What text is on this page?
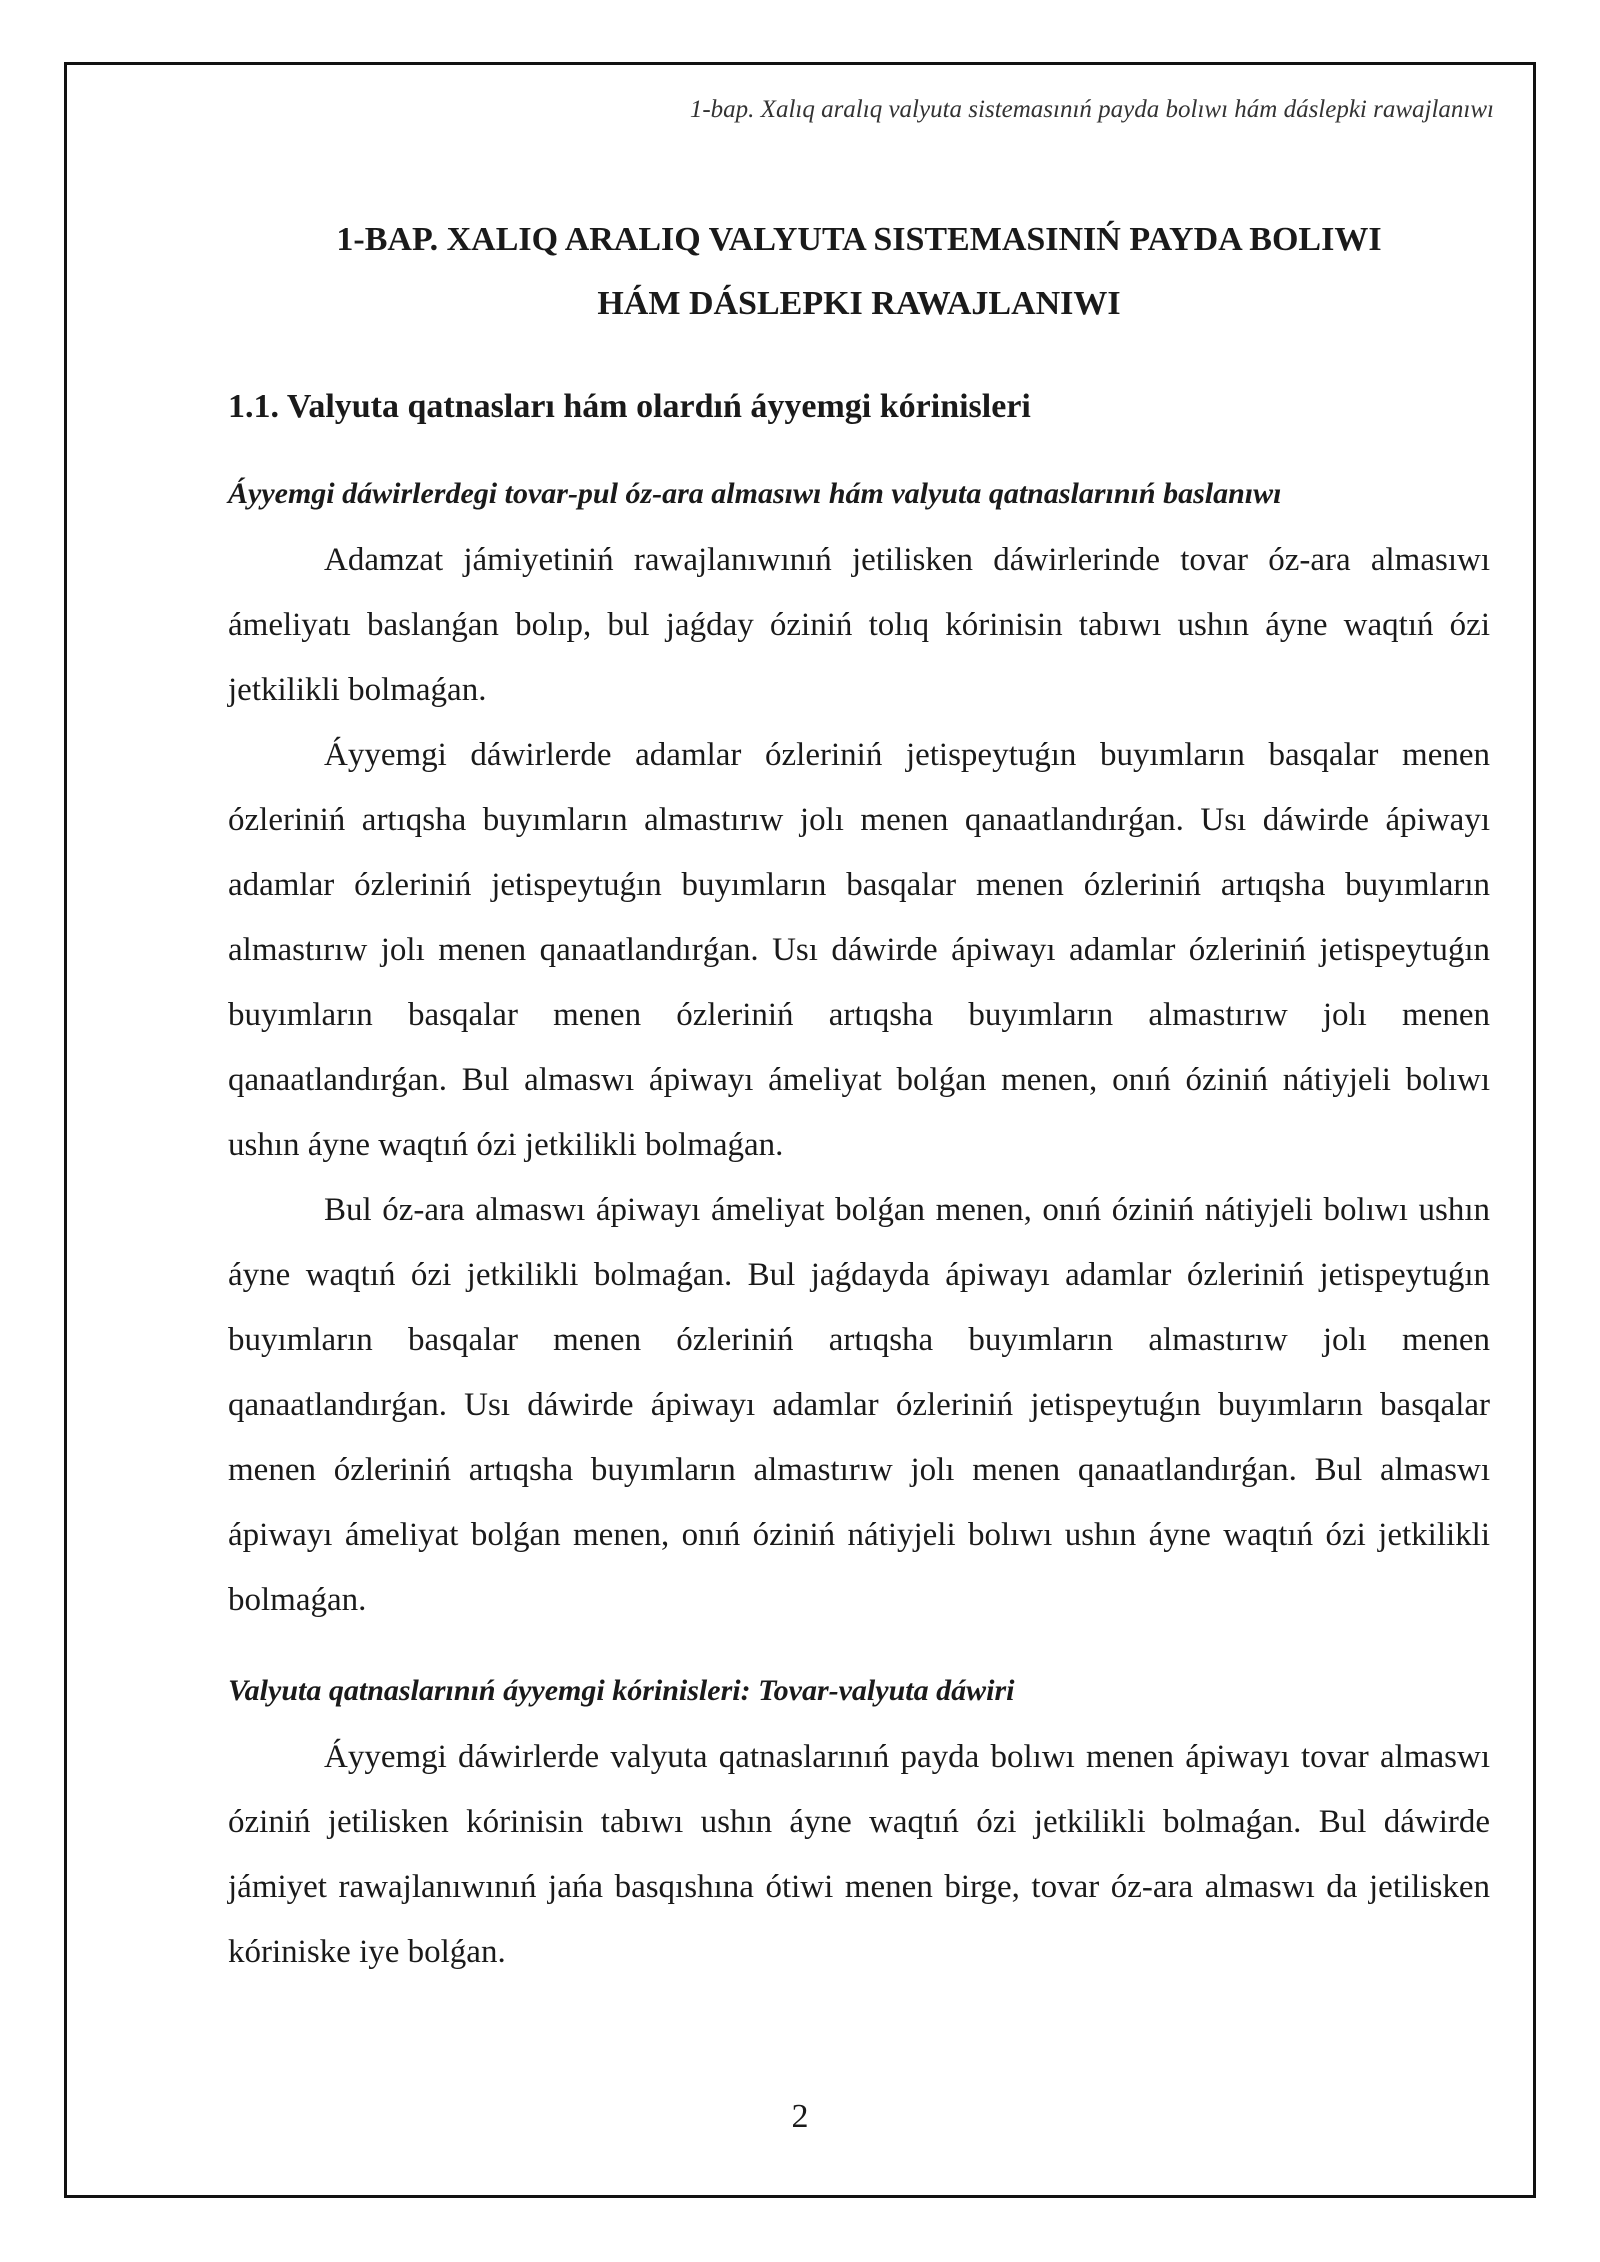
1-bap. Xalıq aralıq valyuta sistemasınıń payda bolıwı hám dáslepki rawajlanıwı
1-BAP. XALIQ ARALIQ VALYUTA SISTEMASINIŃ PAYDA BOLIWI
HÁM DÁSLEPKI RAWAJLANIWI
1.1. Valyuta qatnasları hám olardıń áyyemgi kórinisleri
Áyyemgi dáwirlerdegi tovar-pul óz-ara almasıwı hám valyuta qatnaslarınıń baslanıwı

Adamzat jámiyetiniń rawajlanıwınıń jetilisken dáwirlerinde tovar óz-ara almasıwı ámeliyatı baslanǵan bolıp, bul jaǵday óziniń tolıq kórinisin tabıwı ushın áyne waqtıń ózi jetkilikli bolmaǵan.

Áyyemgi dáwirlerde adamlar ózleriniń jetispeytuǵın buyımların basqalar menen ózleriniń artıqsha buyımların almastırıw jolı menen qanaatlandırǵan. Usı dáwirde ápiwayı adamlar ózleriniń jetispeytuǵın buyımların basqalar menen ózleriniń artıqsha buyımların almastırıw jolı menen qanaatlandırǵan. Usı dáwirde ápiwayı adamlar ózleriniń jetispeytuǵın buyımların basqalar menen ózleriniń artıqsha buyımların almastırıw jolı menen qanaatlandırǵan. Bul almaswı ápiwayı ámeliyat bolǵan menen, onıń óziniń nátiyjeli bolıwı ushın áyne waqtıń ózi jetkilikli bolmaǵan.

Bul óz-ara almaswı ápiwayı ámeliyat bolǵan menen, onıń óziniń nátiyjeli bolıwı ushın áyne waqtıń ózi jetkilikli bolmaǵan. Bul jaǵdayda ápiwayı adamlar ózleriniń jetispeytuǵın buyımların basqalar menen ózleriniń artıqsha buyımların almastırıw jolı menen qanaatlandırǵan. Usı dáwirde ápiwayı adamlar ózleriniń jetispeytuǵın buyımların basqalar menen ózleriniń artıqsha buyımların almastırıw jolı menen qanaatlandırǵan. Bul almaswı ápiwayı ámeliyat bolǵan menen, onıń óziniń nátiyjeli bolıwı ushın áyne waqtıń ózi jetkilikli bolmaǵan.

Valyuta qatnaslarınıń áyyemgi kórinisleri: Tovar-valyuta dáwiri

Áyyemgi dáwirlerde valyuta qatnaslarınıń payda bolıwı menen ápiwayı tovar almaswı óziniń jetilisken kórinisin tabıwı ushın áyne waqtıń ózi jetkilikli bolmaǵan. Bul dáwirde jámiyet rawajlanıwınıń jańa basqıshına ótiwi menen birge, tovar óz-ara almaswı da jetilisken kóriniske iye bolǵan.

2
